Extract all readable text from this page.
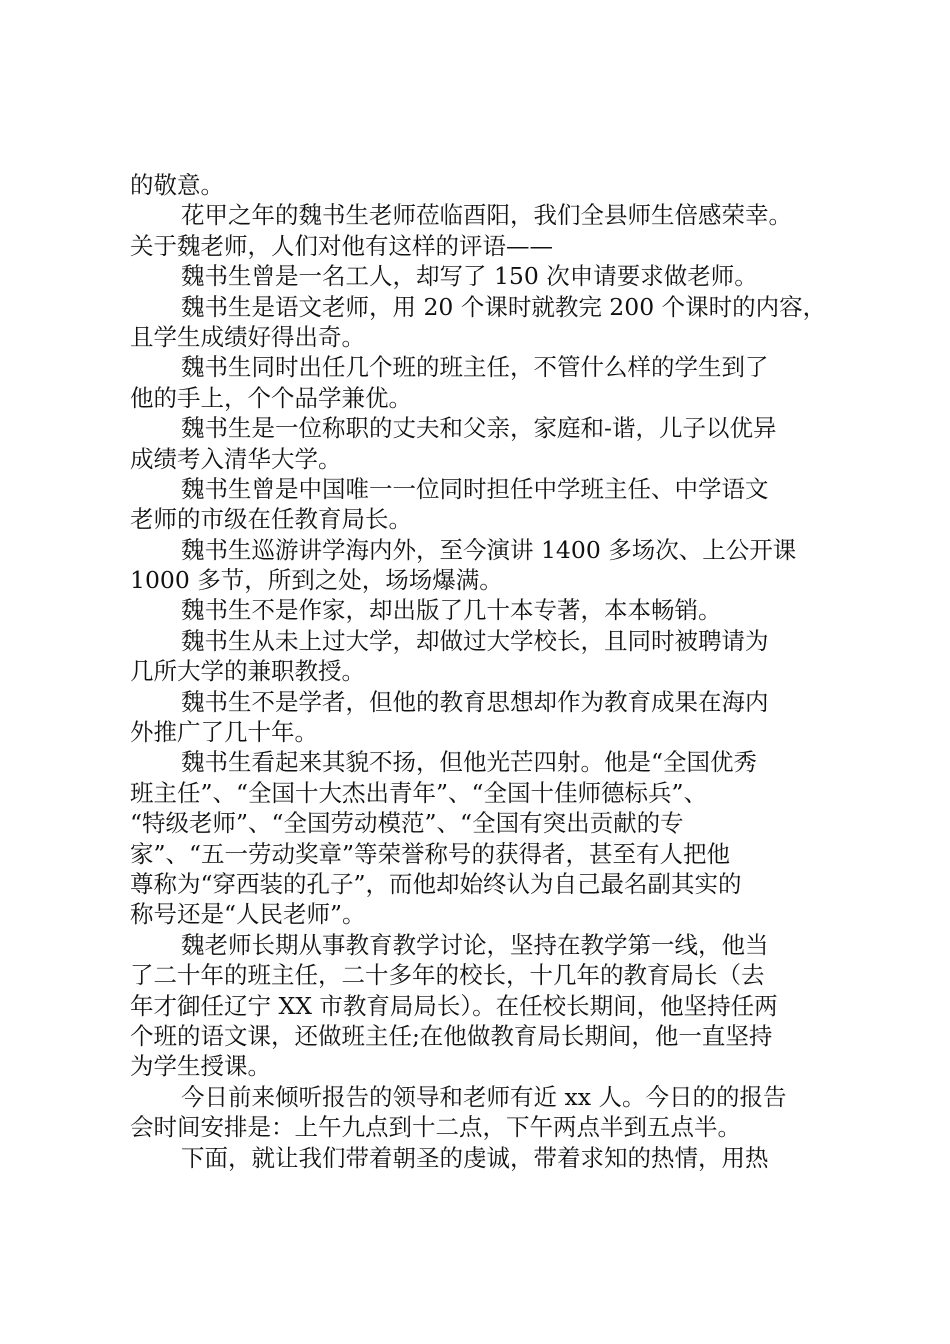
的敬意。
花甲之年的魏书生老师莅临酉阳，我们全县师生倍感荣幸。
关于魏老师，人们对他有这样的评语——
魏书生曾是一名工人，却写了 150 次申请要求做老师。
魏书生是语文老师，用 20 个课时就教完 200 个课时的内容，
且学生成绩好得出奇。
魏书生同时出任几个班的班主任，不管什么样的学生到了
他的手上，个个品学兼优。
魏书生是一位称职的丈夫和父亲，家庭和-谐，儿子以优异
成绩考入清华大学。
魏书生曾是中国唯一一位同时担任中学班主任、中学语文
老师的市级在任教育局长。
魏书生巡游讲学海内外，至今演讲 1400 多场次、上公开课
1000 多节，所到之处，场场爆满。
魏书生不是作家，却出版了几十本专著，本本畅销。
魏书生从未上过大学，却做过大学校长，且同时被聘请为
几所大学的兼职教授。
魏书生不是学者，但他的教育思想却作为教育成果在海内
外推广了几十年。
魏书生看起来其貌不扬，但他光芒四射。他是“全国优秀
班主任”、“全国十大杰出青年”、“全国十佳师德标兵”、
“特级老师”、“全国劳动模范”、“全国有突出贡献的专
家”、“五一劳动奖章”等荣誉称号的获得者，甚至有人把他
尊称为“穿西装的孔子”，而他却始终认为自己最名副其实的
称号还是“人民老师”。
魏老师长期从事教育教学讨论，坚持在教学第一线，他当
了二十年的班主任，二十多年的校长，十几年的教育局长（去
年才御任辽宁 XX 市教育局局长）。在任校长期间，他坚持任两
个班的语文课，还做班主任;在他做教育局长期间，他一直坚持
为学生授课。
今日前来倾听报告的领导和老师有近 xx 人。今日的的报告
会时间安排是：上午九点到十二点，下午两点半到五点半。
下面，就让我们带着朝圣的虔诚，带着求知的热情，用热
